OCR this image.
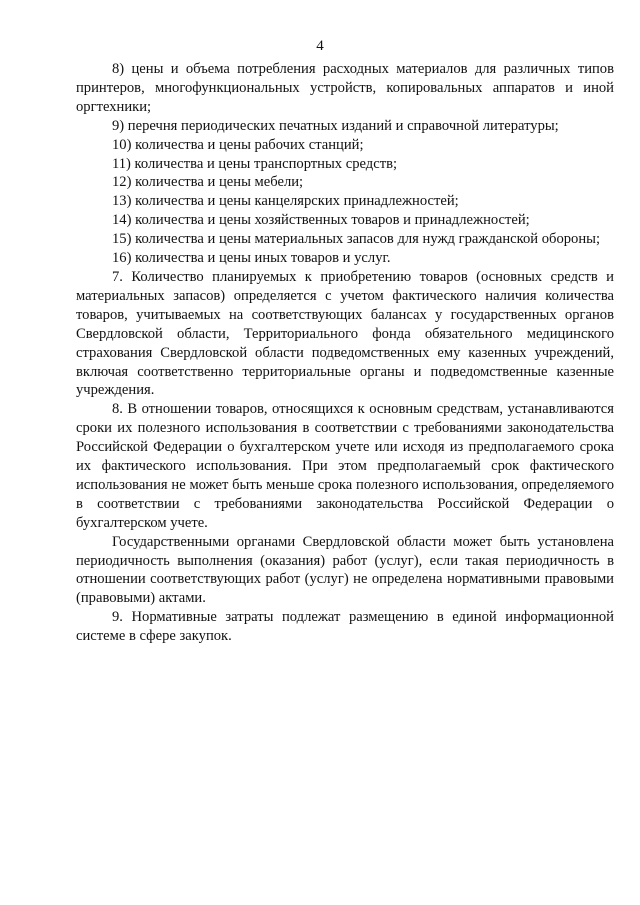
4

8) цены и объема потребления расходных материалов для различных типов принтеров, многофункциональных устройств, копировальных аппаратов и иной оргтехники;

9) перечня периодических печатных изданий и справочной литературы;

10) количества и цены рабочих станций;

11) количества и цены транспортных средств;

12) количества и цены мебели;

13) количества и цены канцелярских принадлежностей;

14) количества и цены хозяйственных товаров и принадлежностей;

15) количества и цены материальных запасов для нужд гражданской обороны;

16) количества и цены иных товаров и услуг.

7. Количество планируемых к приобретению товаров (основных средств и материальных запасов) определяется с учетом фактического наличия количества товаров, учитываемых на соответствующих балансах у государственных органов Свердловской области, Территориального фонда обязательного медицинского страхования Свердловской области подведомственных ему казенных учреждений, включая соответственно территориальные органы и подведомственные казенные учреждения.

8. В отношении товаров, относящихся к основным средствам, устанавливаются сроки их полезного использования в соответствии с требованиями законодательства Российской Федерации о бухгалтерском учете или исходя из предполагаемого срока их фактического использования. При этом предполагаемый срок фактического использования не может быть меньше срока полезного использования, определяемого в соответствии с требованиями законодательства Российской Федерации о бухгалтерском учете.

Государственными органами Свердловской области может быть установлена периодичность выполнения (оказания) работ (услуг), если такая периодичность в отношении соответствующих работ (услуг) не определена нормативными правовыми (правовыми) актами.

9. Нормативные затраты подлежат размещению в единой информационной системе в сфере закупок.
